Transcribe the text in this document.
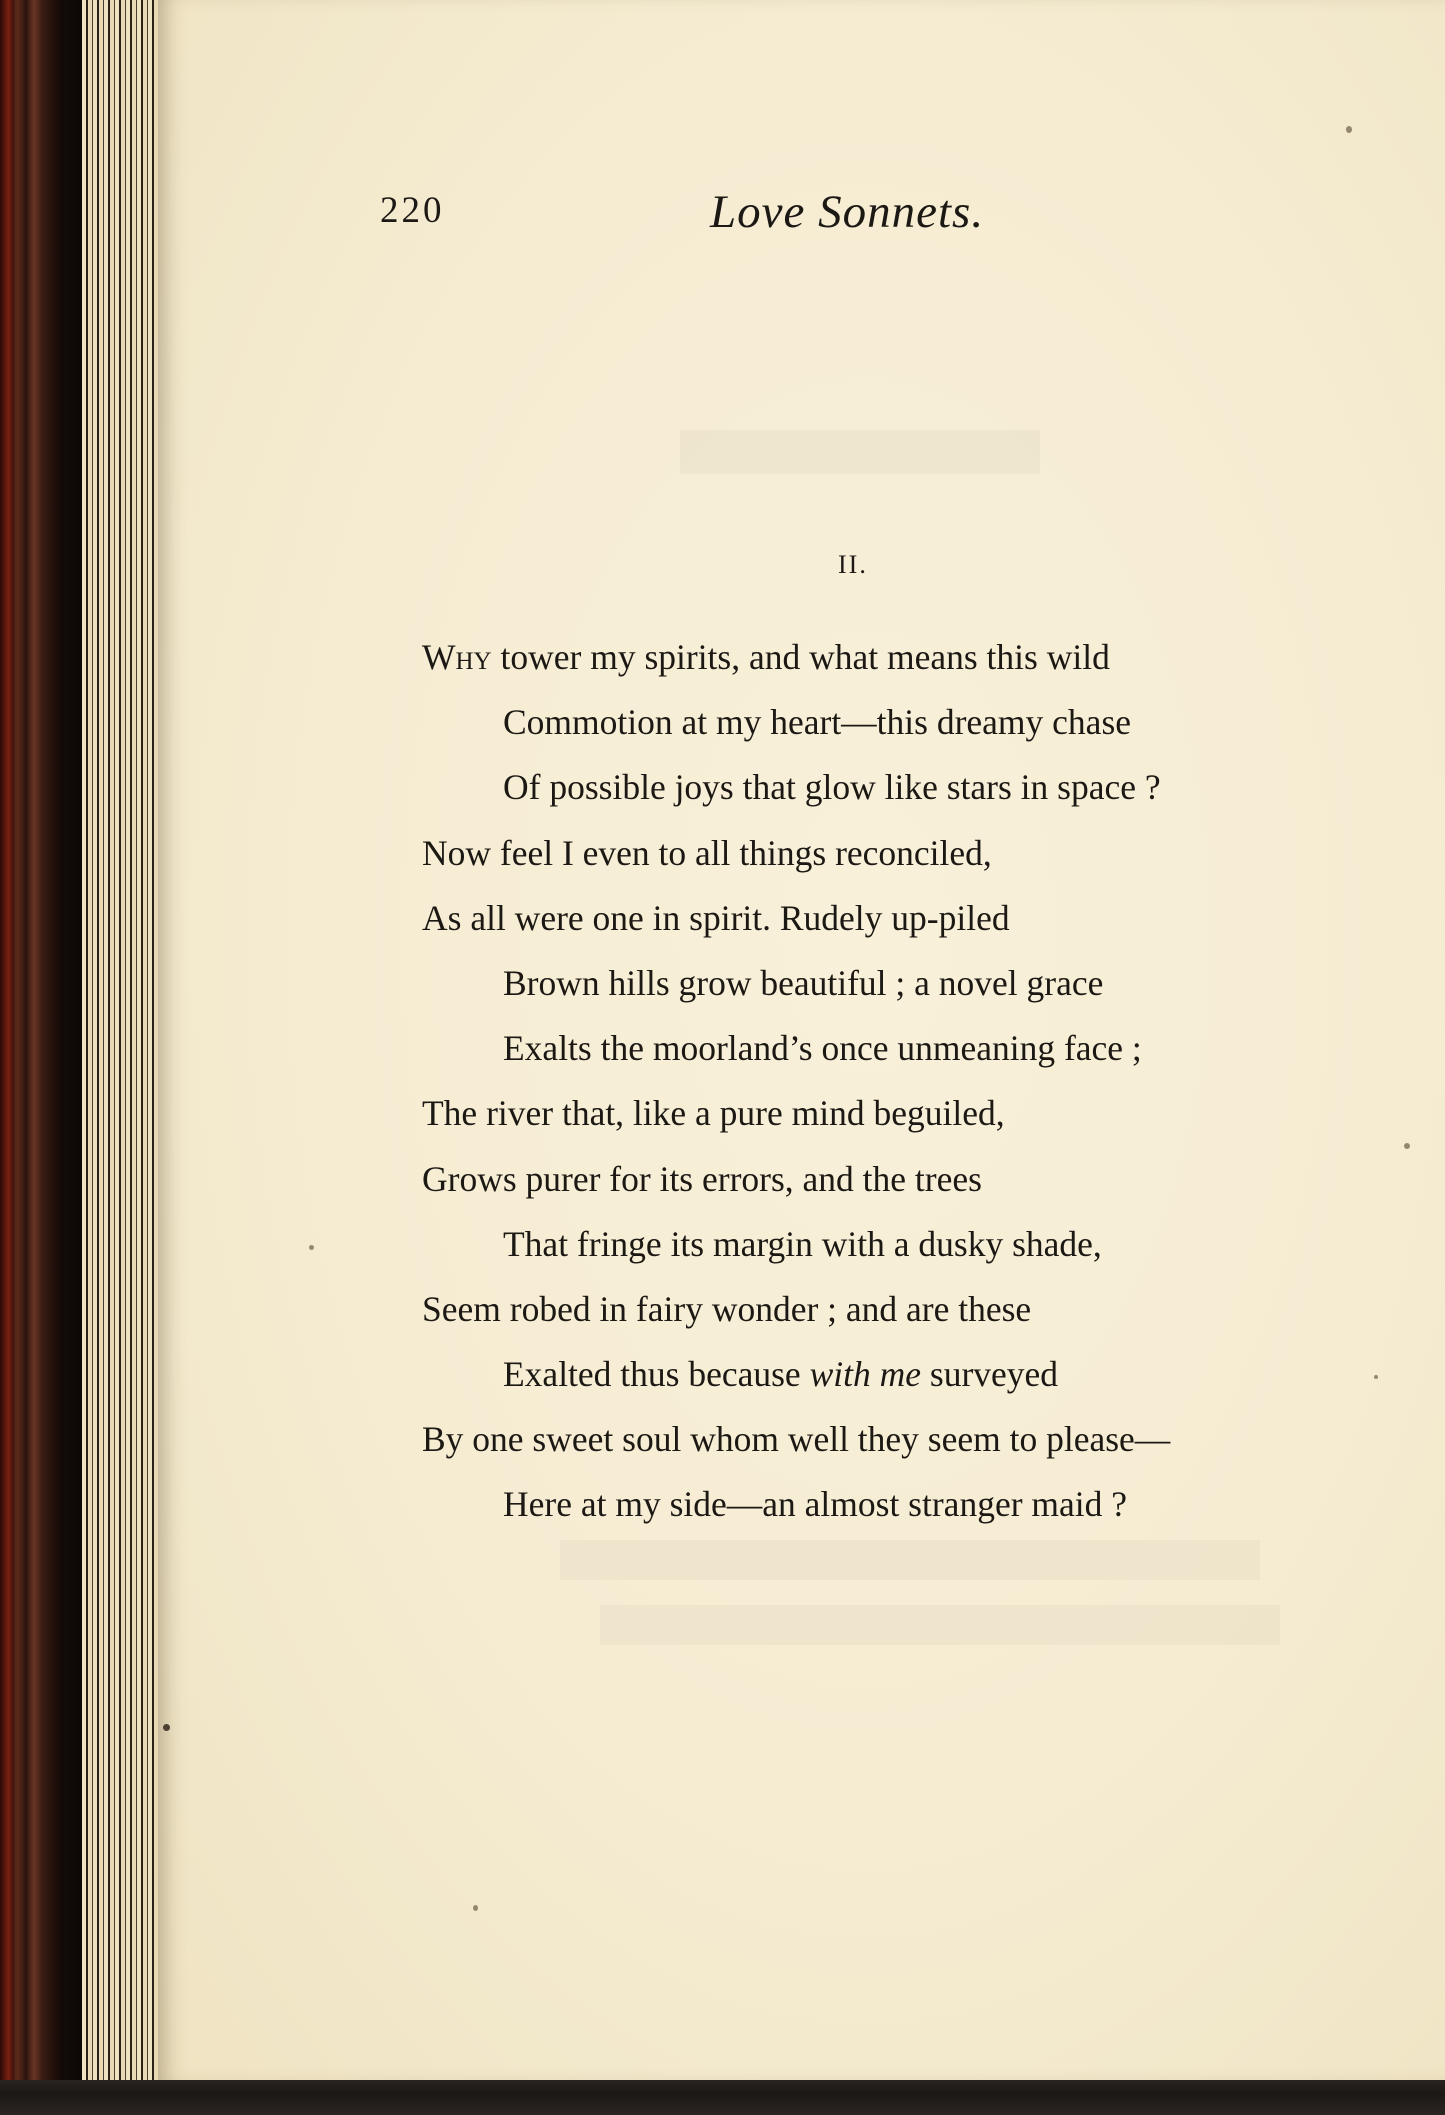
220	Love Sonnets.
II.
Why tower my spirits, and what means this wild
Commotion at my heart—this dreamy chase
Of possible joys that glow like stars in space ?
Now feel I even to all things reconciled,
As all were one in spirit. Rudely up-piled
Brown hills grow beautiful ; a novel grace
Exalts the moorland’s once unmeaning face ;
The river that, like a pure mind beguiled,
Grows purer for its errors, and the trees
That fringe its margin with a dusky shade,
Seem robed in fairy wonder ; and are these
Exalted thus because with me surveyed
By one sweet soul whom well they seem to please—
Here at my side—an almost stranger maid ?
